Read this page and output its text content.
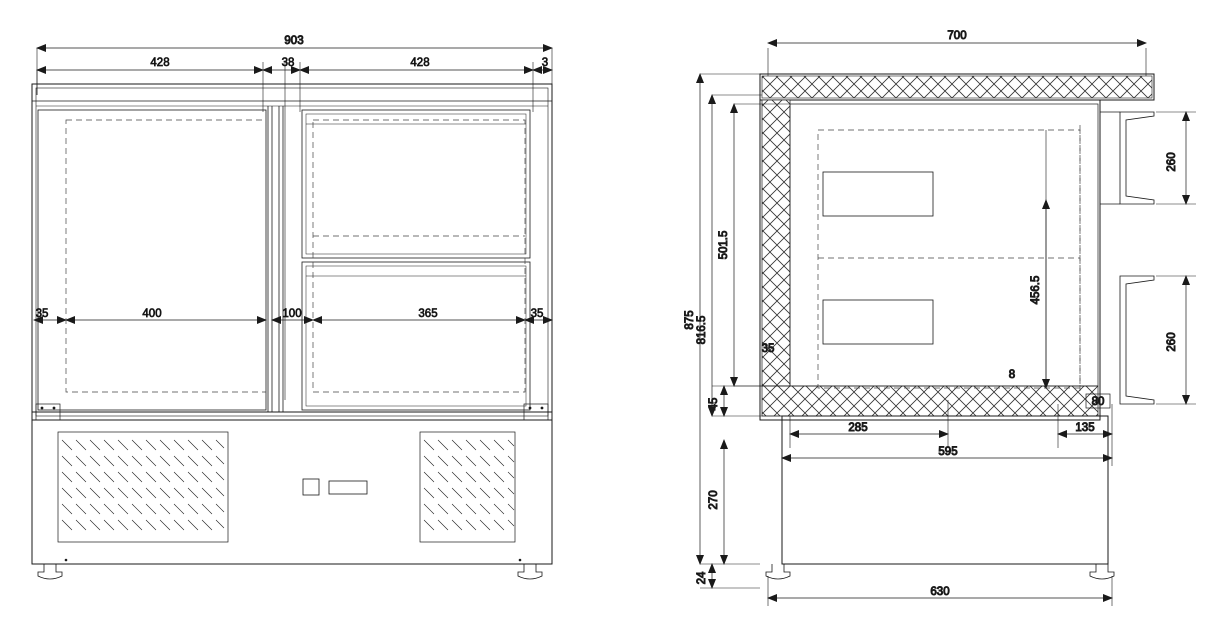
903
428	38	428	3
35	400	100	365	35
700
260
260
501.5
816.5
875
45
270
24
35
456.5
8
80
285	135
595
630
